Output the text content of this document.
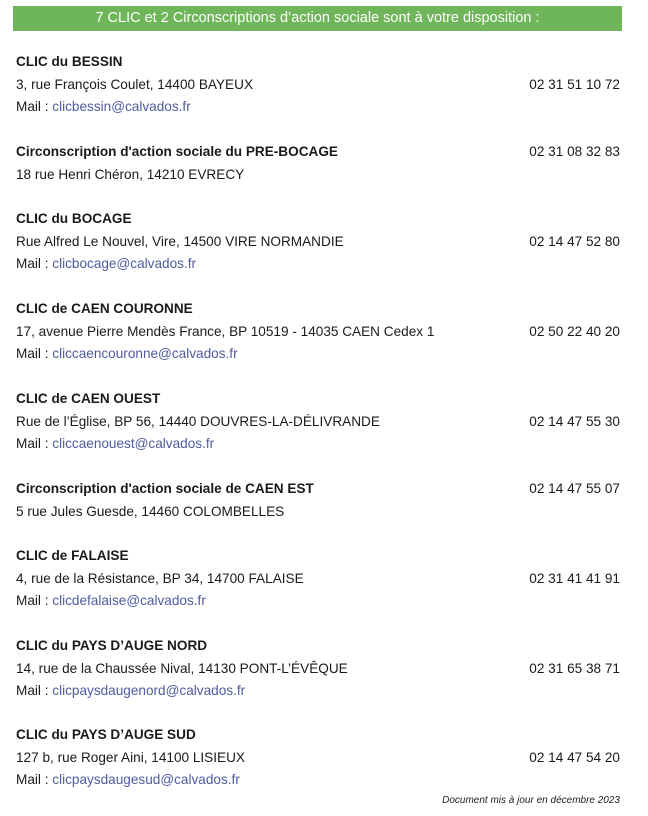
7 CLIC et 2 Circonscriptions d’action sociale sont à votre disposition :
CLIC du BESSIN
3, rue François Coulet, 14400 BAYEUX	02 31 51 10 72
Mail : clicbessin@calvados.fr
Circonscription d'action sociale du PRE-BOCAGE	02 31 08 32 83
18 rue Henri Chéron, 14210 EVRECY
CLIC du BOCAGE
Rue Alfred Le Nouvel, Vire, 14500 VIRE NORMANDIE	02 14 47 52 80
Mail : clicbocage@calvados.fr
CLIC de CAEN COURONNE
17, avenue Pierre Mendès France, BP 10519 - 14035 CAEN Cedex 1	02 50 22 40 20
Mail : cliccaencouronne@calvados.fr
CLIC de CAEN OUEST
Rue de l’Église, BP 56, 14440 DOUVRES-LA-DÉLIVRANDE	02 14 47 55 30
Mail : cliccaenouest@calvados.fr
Circonscription d'action sociale de CAEN EST	02 14 47 55 07
5 rue Jules Guesde, 14460 COLOMBELLES
CLIC de FALAISE
4, rue de la Résistance, BP 34, 14700 FALAISE	02 31 41 41 91
Mail : clicdefalaise@calvados.fr
CLIC du PAYS D’AUGE NORD
14, rue de la Chaussée Nival, 14130 PONT-L’ÉVÊQUE	02 31 65 38 71
Mail : clicpaysdaugenord@calvados.fr
CLIC du PAYS D’AUGE SUD
127 b, rue Roger Aini, 14100 LISIEUX	02 14 47 54 20
Mail : clicpaysdaugesud@calvados.fr
Document mis à jour en décembre 2023
